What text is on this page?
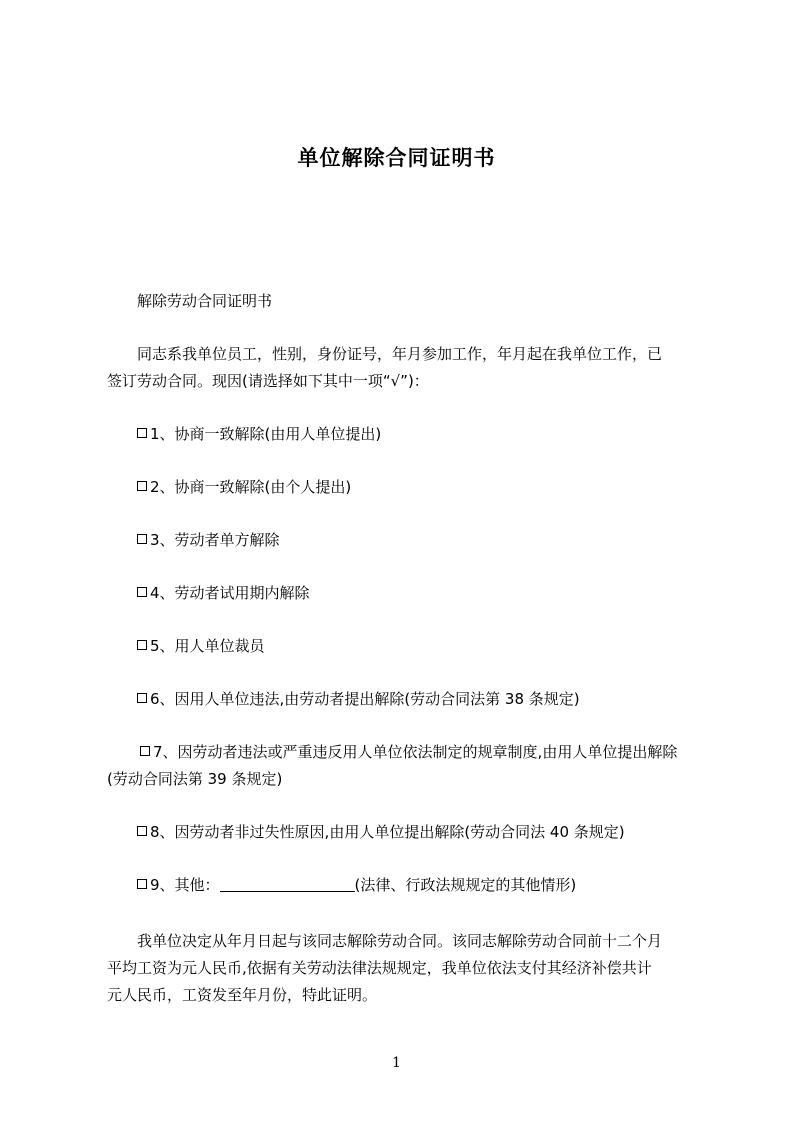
单位解除合同证明书
解除劳动合同证明书
同志系我单位员工，性别，身份证号，年月参加工作，年月起在我单位工作，已
签订劳动合同。现因(请选择如下其中一项“√”)：
1、协商一致解除(由用人单位提出)
2、协商一致解除(由个人提出)
3、劳动者单方解除
4、劳动者试用期内解除
5、用人单位裁员
6、因用人单位违法,由劳动者提出解除(劳动合同法第 38 条规定)
7、因劳动者违法或严重违反用人单位依法制定的规章制度,由用人单位提出解除
(劳动合同法第 39 条规定)
8、因劳动者非过失性原因,由用人单位提出解除(劳动合同法 40 条规定)
9、其他：	(法律、行政法规规定的其他情形)
我单位决定从年月日起与该同志解除劳动合同。该同志解除劳动合同前十二个月
平均工资为元人民币,依据有关劳动法律法规规定，我单位依法支付其经济补偿共计
元人民币，工资发至年月份，特此证明。
1
